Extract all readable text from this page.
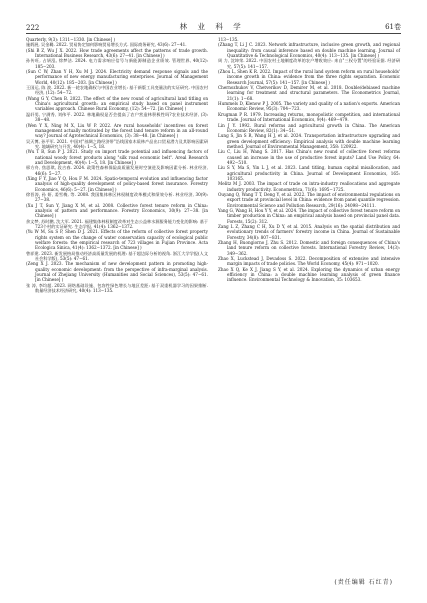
222	林 业 科 学	61卷

Quarterly, 9(3): 1311−1330. [in Chinese] )

施炳展, 吴金璐. 2022. 贸易协定如何影响贸易增长方式. 国际商务研究, 43(6): 27−41.

(Shi B Z, Wu J X. 2022. How trade agreements affect the patterns of trade growth. International Business Research, 43(6): 27−41. [in Chinese] )

孙传旺, 占妍泓, 徐梦洁. 2024. 电力需求响应信号与新能源制造企业绩效. 管理世界, 40(12): 185−203.

(Sun C W, Zhan Y H, Xu M J. 2024. Electricity demand response signals and the performance of new energy manufacturing enterprises. Journal of Management World, 40(12): 185−203. [in Chinese] )

王国运, 陈 波. 2022. 新一轮农地确权与中国农业增长: 基于新版工具变量法的实证研究. 中国农村经济, (12): 54−72.

(Wang G Y, Chen B. 2022. The effect of the new round of agricultural land titling on China's agricultural growth: an empirical study based on panel instrument variables approach. Chinese Rural Economy, (12): 54−72. [in Chinese] )

温轩男, 宁满秀, 刘伟平. 2022. 林地确权是否会提高了农户营造林积极性吗?农业技术经济, (3): 38−48.

(Wen Y X, Ning M X, Liu W P. 2022. Are rural households' incentives on forest management actually motivated by the forest land tenure reform in an all-round way? Journal of Agrotechnical Economics, (3): 38−48. [in Chinese] )

吴天博, 孙平军. 2021. 中国对"丝绸之路经济带"沿线国家木质林产品出口贸易潜力及其影响因素研究. 地域研究与开发, 40(4): 1−5, 18.

(Wu T B, Sun P J. 2021. Study on import trade potential and influencing factors of national woody forest products along "silk road economic belt". Areal Research and Development, 40(4): 1−5, 18. [in Chinese] )

邢方舟, 焦思琪, 段吉春. 2024. 政策性森林保险高质量发展时空演进及影响因素分析. 林业经济, 46(6): 5−27.

(Xing F Y, Jiao Y Q, Hou F M. 2024. Spatio-temporal evolution and influencing factor analysis of high-quality development of policy-based forest insurance. Forestry Economics, 46(6): 5−27. [in Chinese] )

徐晋涛, 孙 妍, 姜雪梅, 等. 2008. 我国集体林区林权制度改革模式和绩效分析. 林业经济, 30(9): 27−38.

(Xu J T, Sun Y, Jiang X M, et al. 2008. Collective forest tenure reform in China: analysis of pattern and performance. Forestry Economics, 30(9): 27−38. [in Chinese] )

余文梦, 苏时鹏, 沈大军. 2021. 福建集体林权制度改革对生态公益林水源服务能力变化的影响: 基于723个村的实证研究. 生态学报, 41(4): 1362−1372.

(Yu W M, Su S P, Shen D J. 2021. Effects of the reform of collective forest property rights system on the change of water conservation capacity of ecological public welfare forests: the empirical research of 723 villages in Fujian Province. Acta Ecologica Sinica, 41(4): 1362−1372. [in Chinese] )

曾祥建. 2023. 新发展格局推动经济高质量发展的机理: 基于超边际分析的视角. 浙江大学学报(人文社会科学版), 53(5): 47−61.

(Zeng X J. 2023. The mechanism of new development pattern in promoting high-quality economic development: from the perspective of infra-marginal analysis. Journal of Zhejiang University (Humanities and Social Sciences), 53(5): 47−61. [in Chinese] )

张 涛, 李均超. 2023. 网络基础设施、包容性绿色增长与地区差距: 基于双重机器学习的因果推断. 数量经济技术经济研究, 40(4): 113−135.

113−135.

(Zhang T, Li J C. 2023. Network infrastructure, inclusive green growth, and regional inequality: from causal inference based on double machine learning. Journal of Quantitative & Technological Economics, 40(4): 113−135. [in Chinese] )

周 力, 沈坤荣. 2022. 中国农村土地制度改革的农户增收效应: 来自"三权分置"的经验证据. 经济研究, 57(5): 141−157.

(Zhou L, Shen K R. 2022. Impact of the rural land system reform on rural households' income growth in China: evidence from the three rights separation. Economic Research Journal, 57(5): 141−157. [in Chinese] )

Chernozhukov V, Chetverikov D, Demirer M, et al. 2018. Double/debiased machine learning for treatment and structural parameters. The Econometrics Journal, 21(1): 1−68.

Hummels D, Klenow P J. 2005. The variety and quality of a nation's exports. American Economic Review, 95(3): 704−723.

Krugman P R. 1979. Increasing returns, monopolistic competition, and international trade. Journal of International Economics, 9(4): 469−479.

Lin J Y. 1992. Rural reforms and agricultural growth in China. The American Economic Review, 82(1): 34−51.

Lung S, Jin S R, Wang H J, et al. 2024. Transportation infrastructure upgrading and green development efficiency: Empirical analysis with double machine learning method. Journal of Environmental Management, 358: 120922.

Liu C, Liu H, Wang S. 2017. Has China's new round of collective forest reforms caused an increase in the use of productive forest inputs? Land Use Policy, 64: 492−510.

Liu S Y, Ma S, Yin L J, et al. 2023. Land titling, human capital misallocation, and agricultural productivity in China. Journal of Development Economics, 165: 103165.

Melitz M J. 2003. The impact of trade on intra-industry reallocations and aggregate industry productivity. Econometrica, 71(6): 1695−1725.

Ouyang Q, Wang T T, Deng Y, et al. 2022. The impact of environmental regulations on export trade at provincial level in China: evidence from panel quantile regression. Environmental Science and Pollution Research, 29(16): 24098−24111.

Yang G, Wang H, Hou Y Y, et al. 2024. The impact of collective forest tenure reform on timber production in China: an empirical analysis based on provincial panel data. Forests, 15(2): 312.

Zang L Z, Zhang C H, Xu D Y, et al. 2015. Analysis on the spatial distribution and evolutionary trends of farmers' forestry income in China. Journal of Sustainable Forestry, 34(8): 807−831.

Zhang H, Buongiorno J, Zhu S. 2012. Domestic and foreign consequences of China's land tenure reform on collective forests. International Forestry Review, 14(3): 349−362.

Zhao X, Luckstead J, Devadoss S. 2022. Decomposition of extensive and intensive margin impacts of trade policies. The World Economy, 45(4): 971−1020.

Zhao X Q, Ke X J, Jiang S Y, et al. 2024. Exploring the dynamics of urban energy efficiency in China: a double machine learning analysis of green finance influence. Environmental Technology & Innovation, 35: 103653.

(责任编辑 石红青)
